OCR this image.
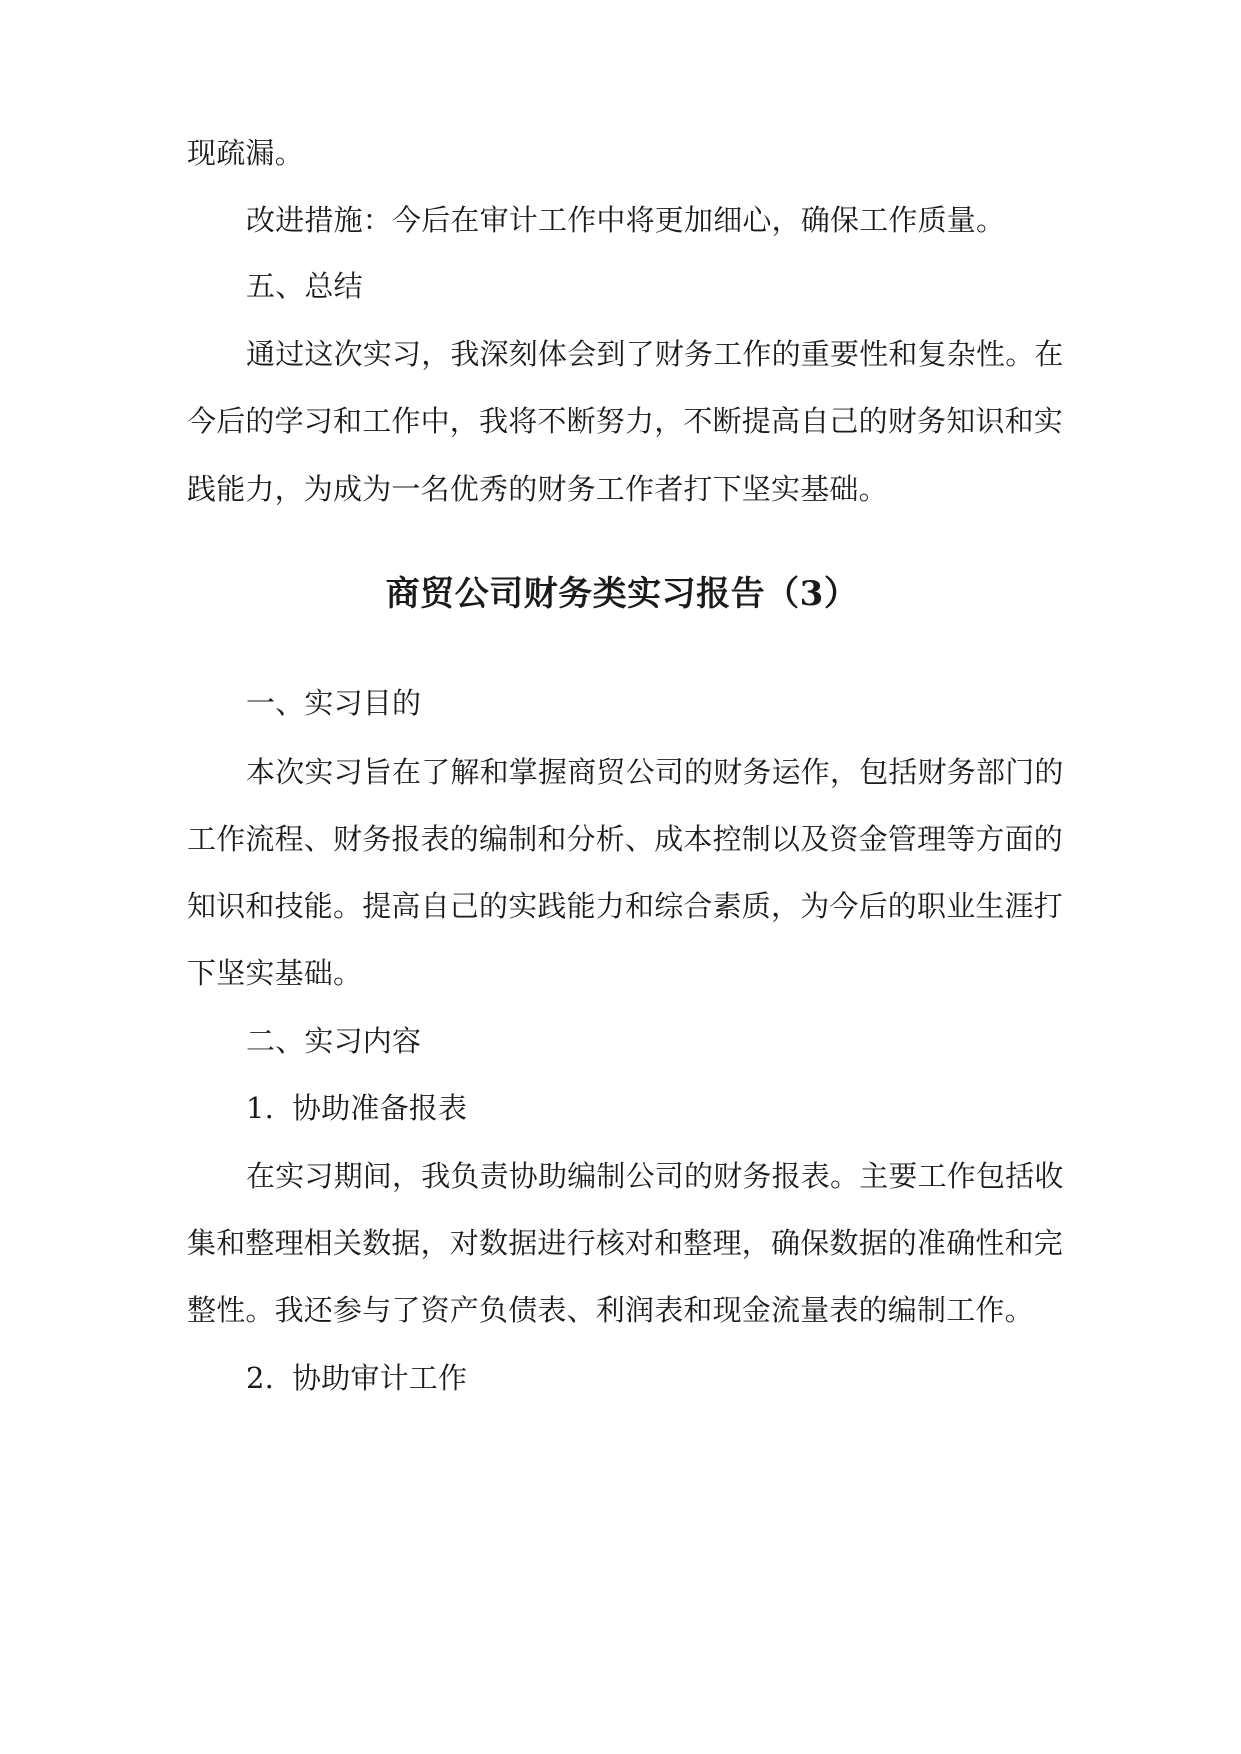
现疏漏。
改进措施：今后在审计工作中将更加细心，确保工作质量。
五、总结
通过这次实习，我深刻体会到了财务工作的重要性和复杂性。在
今后的学习和工作中，我将不断努力，不断提高自己的财务知识和实
践能力，为成为一名优秀的财务工作者打下坚实基础。
商贸公司财务类实习报告（3）
一、实习目的
本次实习旨在了解和掌握商贸公司的财务运作，包括财务部门的
工作流程、财务报表的编制和分析、成本控制以及资金管理等方面的
知识和技能。提高自己的实践能力和综合素质，为今后的职业生涯打
下坚实基础。
二、实习内容
1. 协助准备报表
在实习期间，我负责协助编制公司的财务报表。主要工作包括收
集和整理相关数据，对数据进行核对和整理，确保数据的准确性和完
整性。我还参与了资产负债表、利润表和现金流量表的编制工作。
2. 协助审计工作
